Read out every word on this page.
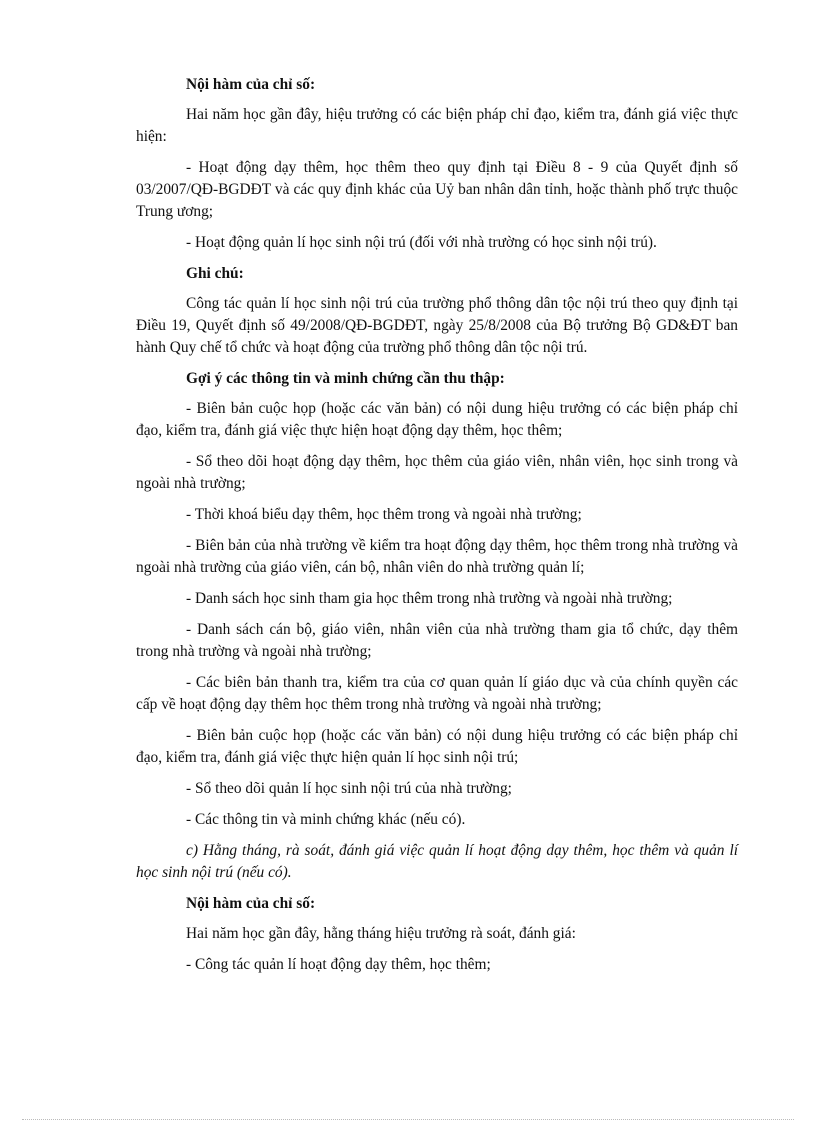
Nội hàm của chỉ số:

Hai năm học gần đây, hiệu trưởng có các biện pháp chỉ đạo, kiểm tra, đánh giá việc thực hiện:

- Hoạt động dạy thêm, học thêm theo quy định tại Điều 8 - 9 của Quyết định số 03/2007/QĐ-BGDĐT và các quy định khác của Uỷ ban nhân dân tỉnh, hoặc thành phố trực thuộc Trung ương;

- Hoạt động quản lí học sinh nội trú (đối với nhà trường có học sinh nội trú).

Ghi chú:

Công tác quản lí học sinh nội trú của trường phổ thông dân tộc nội trú theo quy định tại Điều 19, Quyết định số 49/2008/QĐ-BGDĐT, ngày 25/8/2008 của Bộ trưởng Bộ GD&ĐT ban hành Quy chế tổ chức và hoạt động của trường phổ thông dân tộc nội trú.

Gợi ý các thông tin và minh chứng cần thu thập:

- Biên bản cuộc họp (hoặc các văn bản) có nội dung hiệu trưởng có các biện pháp chỉ đạo, kiểm tra, đánh giá việc thực hiện hoạt động dạy thêm, học thêm;

- Sổ theo dõi hoạt động dạy thêm, học thêm của giáo viên, nhân viên, học sinh trong và ngoài nhà trường;

- Thời khoá biểu dạy thêm, học thêm trong và ngoài nhà trường;

- Biên bản của nhà trường về kiểm tra hoạt động dạy thêm, học thêm trong nhà trường và ngoài nhà trường của giáo viên, cán bộ, nhân viên do nhà trường quản lí;

- Danh sách học sinh tham gia học thêm trong nhà trường và ngoài nhà trường;

- Danh sách cán bộ, giáo viên, nhân viên của nhà trường tham gia tổ chức, dạy thêm trong nhà trường và ngoài nhà trường;

- Các biên bản thanh tra, kiểm tra của cơ quan quản lí giáo dục và của chính quyền các cấp về hoạt động dạy thêm học thêm trong nhà trường và ngoài nhà trường;

- Biên bản cuộc họp (hoặc các văn bản) có nội dung hiệu trưởng có các biện pháp chỉ đạo, kiểm tra, đánh giá việc thực hiện quản lí học sinh nội trú;

- Sổ theo dõi quản lí học sinh nội trú của nhà trường;

- Các thông tin và minh chứng khác (nếu có).

c) Hằng tháng, rà soát, đánh giá việc quản lí hoạt động dạy thêm, học thêm và quản lí học sinh nội trú (nếu có).

Nội hàm của chỉ số:

Hai năm học gần đây, hằng tháng hiệu trưởng rà soát, đánh giá:

- Công tác quản lí hoạt động dạy thêm, học thêm;
